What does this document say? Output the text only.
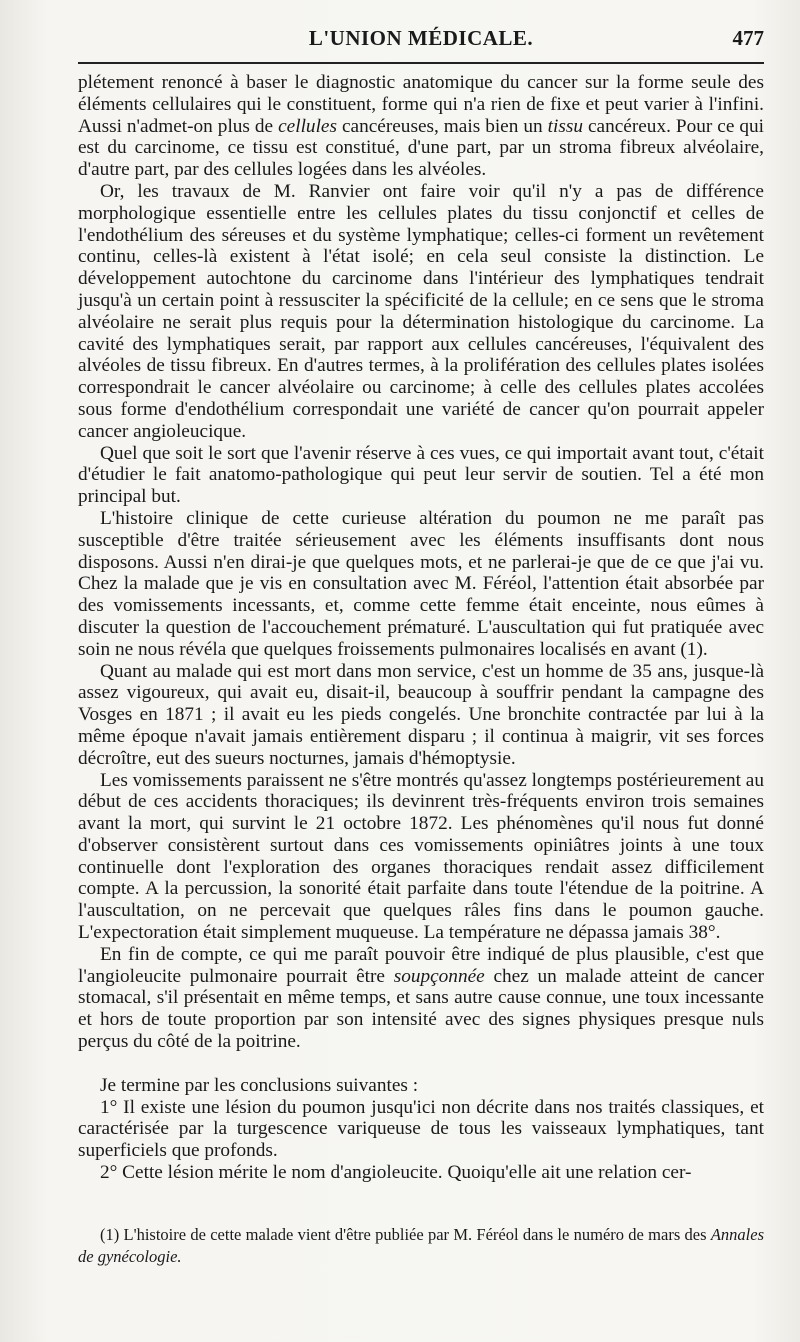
L'UNION MÉDICALE.	477

plétement renoncé à baser le diagnostic anatomique du cancer sur la forme seule des éléments cellulaires qui le constituent, forme qui n'a rien de fixe et peut varier à l'infini. Aussi n'admet-on plus de cellules cancéreuses, mais bien un tissu cancéreux. Pour ce qui est du carcinome, ce tissu est constitué, d'une part, par un stroma fibreux alvéolaire, d'autre part, par des cellules logées dans les alvéoles.

Or, les travaux de M. Ranvier ont faire voir qu'il n'y a pas de différence morphologique essentielle entre les cellules plates du tissu conjonctif et celles de l'endothélium des séreuses et du système lymphatique; celles-ci forment un revêtement continu, celles-là existent à l'état isolé; en cela seul consiste la distinction. Le développement autochtone du carcinome dans l'intérieur des lymphatiques tendrait jusqu'à un certain point à ressusciter la spécificité de la cellule; en ce sens que le stroma alvéolaire ne serait plus requis pour la détermination histologique du carcinome. La cavité des lymphatiques serait, par rapport aux cellules cancéreuses, l'équivalent des alvéoles de tissu fibreux. En d'autres termes, à la prolifération des cellules plates isolées correspondrait le cancer alvéolaire ou carcinome; à celle des cellules plates accolées sous forme d'endothélium correspondait une variété de cancer qu'on pourrait appeler cancer angioleucique.

Quel que soit le sort que l'avenir réserve à ces vues, ce qui importait avant tout, c'était d'étudier le fait anatomo-pathologique qui peut leur servir de soutien. Tel a été mon principal but.

L'histoire clinique de cette curieuse altération du poumon ne me paraît pas susceptible d'être traitée sérieusement avec les éléments insuffisants dont nous disposons. Aussi n'en dirai-je que quelques mots, et ne parlerai-je que de ce que j'ai vu. Chez la malade que je vis en consultation avec M. Féréol, l'attention était absorbée par des vomissements incessants, et, comme cette femme était enceinte, nous eûmes à discuter la question de l'accouchement prématuré. L'auscultation qui fut pratiquée avec soin ne nous révéla que quelques froissements pulmonaires localisés en avant (1).

Quant au malade qui est mort dans mon service, c'est un homme de 35 ans, jusque-là assez vigoureux, qui avait eu, disait-il, beaucoup à souffrir pendant la campagne des Vosges en 1871 ; il avait eu les pieds congelés. Une bronchite contractée par lui à la même époque n'avait jamais entièrement disparu ; il continua à maigrir, vit ses forces décroître, eut des sueurs nocturnes, jamais d'hémoptysie.

Les vomissements paraissent ne s'être montrés qu'assez longtemps postérieurement au début de ces accidents thoraciques; ils devinrent très-fréquents environ trois semaines avant la mort, qui survint le 21 octobre 1872. Les phénomènes qu'il nous fut donné d'observer consistèrent surtout dans ces vomissements opiniâtres joints à une toux continuelle dont l'exploration des organes thoraciques rendait assez difficilement compte. A la percussion, la sonorité était parfaite dans toute l'étendue de la poitrine. A l'auscultation, on ne percevait que quelques râles fins dans le poumon gauche. L'expectoration était simplement muqueuse. La température ne dépassa jamais 38°.

En fin de compte, ce qui me paraît pouvoir être indiqué de plus plausible, c'est que l'angioleucite pulmonaire pourrait être soupçonnée chez un malade atteint de cancer stomacal, s'il présentait en même temps, et sans autre cause connue, une toux incessante et hors de toute proportion par son intensité avec des signes physiques presque nuls perçus du côté de la poitrine.

Je termine par les conclusions suivantes :

1° Il existe une lésion du poumon jusqu'ici non décrite dans nos traités classiques, et caractérisée par la turgescence variqueuse de tous les vaisseaux lymphatiques, tant superficiels que profonds.

2° Cette lésion mérite le nom d'angioleucite. Quoiqu'elle ait une relation cer-

(1) L'histoire de cette malade vient d'être publiée par M. Féréol dans le numéro de mars des Annales de gynécologie.
